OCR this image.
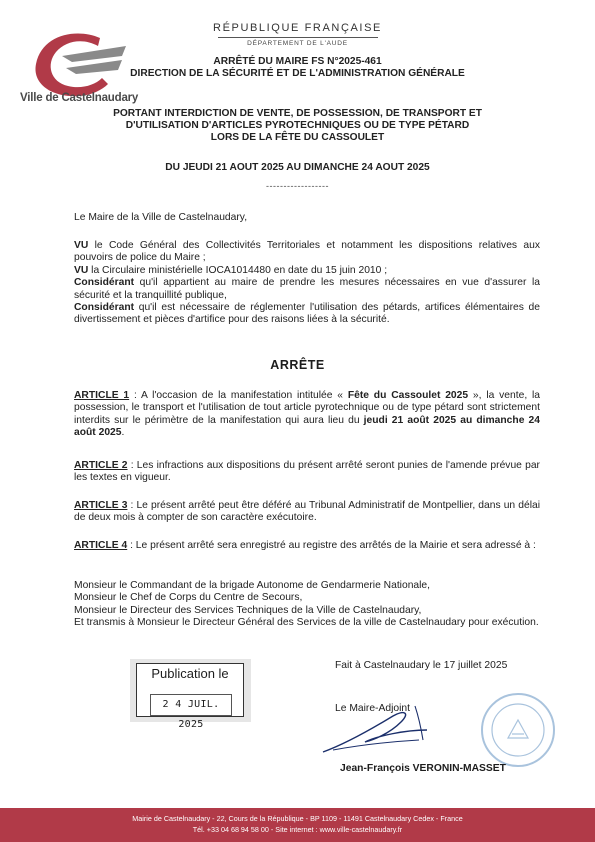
Ville de Castelnaudary
RÉPUBLIQUE FRANÇAISE
DÉPARTEMENT DE L'AUDE
ARRÊTÉ DU MAIRE FS N°2025-461
DIRECTION DE LA SÉCURITÉ ET DE L'ADMINISTRATION GÉNÉRALE
PORTANT INTERDICTION DE VENTE, DE POSSESSION, DE TRANSPORT ET
D'UTILISATION D'ARTICLES PYROTECHNIQUES OU DE TYPE PÉTARD
LORS DE LA FÊTE DU CASSOULET
DU JEUDI 21 AOUT 2025 AU DIMANCHE 24 AOUT 2025
------------------
Le Maire de la Ville de Castelnaudary,
VU le Code Général des Collectivités Territoriales et notamment les dispositions relatives aux pouvoirs de police du Maire ;
VU la Circulaire ministérielle IOCA1014480 en date du 15 juin 2010 ;
Considérant qu'il appartient au maire de prendre les mesures nécessaires en vue d'assurer la sécurité et la tranquillité publique,
Considérant qu'il est nécessaire de réglementer l'utilisation des pétards, artifices élémentaires de divertissement et pièces d'artifice pour des raisons liées à la sécurité.
ARRÊTE
ARTICLE 1 : A l'occasion de la manifestation intitulée « Fête du Cassoulet 2025 », la vente, la possession, le transport et l'utilisation de tout article pyrotechnique ou de type pétard sont strictement interdits sur le périmètre de la manifestation qui aura lieu du jeudi 21 août 2025 au dimanche 24 août 2025.
ARTICLE 2 : Les infractions aux dispositions du présent arrêté seront punies de l'amende prévue par les textes en vigueur.
ARTICLE 3 : Le présent arrêté peut être déféré au Tribunal Administratif de Montpellier, dans un délai de deux mois à compter de son caractère exécutoire.
ARTICLE 4 : Le présent arrêté sera enregistré au registre des arrêtés de la Mairie et sera adressé à :
Monsieur le Commandant de la brigade Autonome de Gendarmerie Nationale,
Monsieur le Chef de Corps du Centre de Secours,
Monsieur le Directeur des Services Techniques de la Ville de Castelnaudary,
Et transmis à Monsieur le Directeur Général des Services de la ville de Castelnaudary pour exécution.
Publication le
2 4 JUIL. 2025
Fait à Castelnaudary le 17 juillet 2025
Le Maire-Adjoint
Jean-François VERONIN-MASSET
Mairie de Castelnaudary - 22, Cours de la République - BP 1109 - 11491 Castelnaudary Cedex - France
Tél. +33 04 68 94 58 00 - Site internet : www.ville-castelnaudary.fr
